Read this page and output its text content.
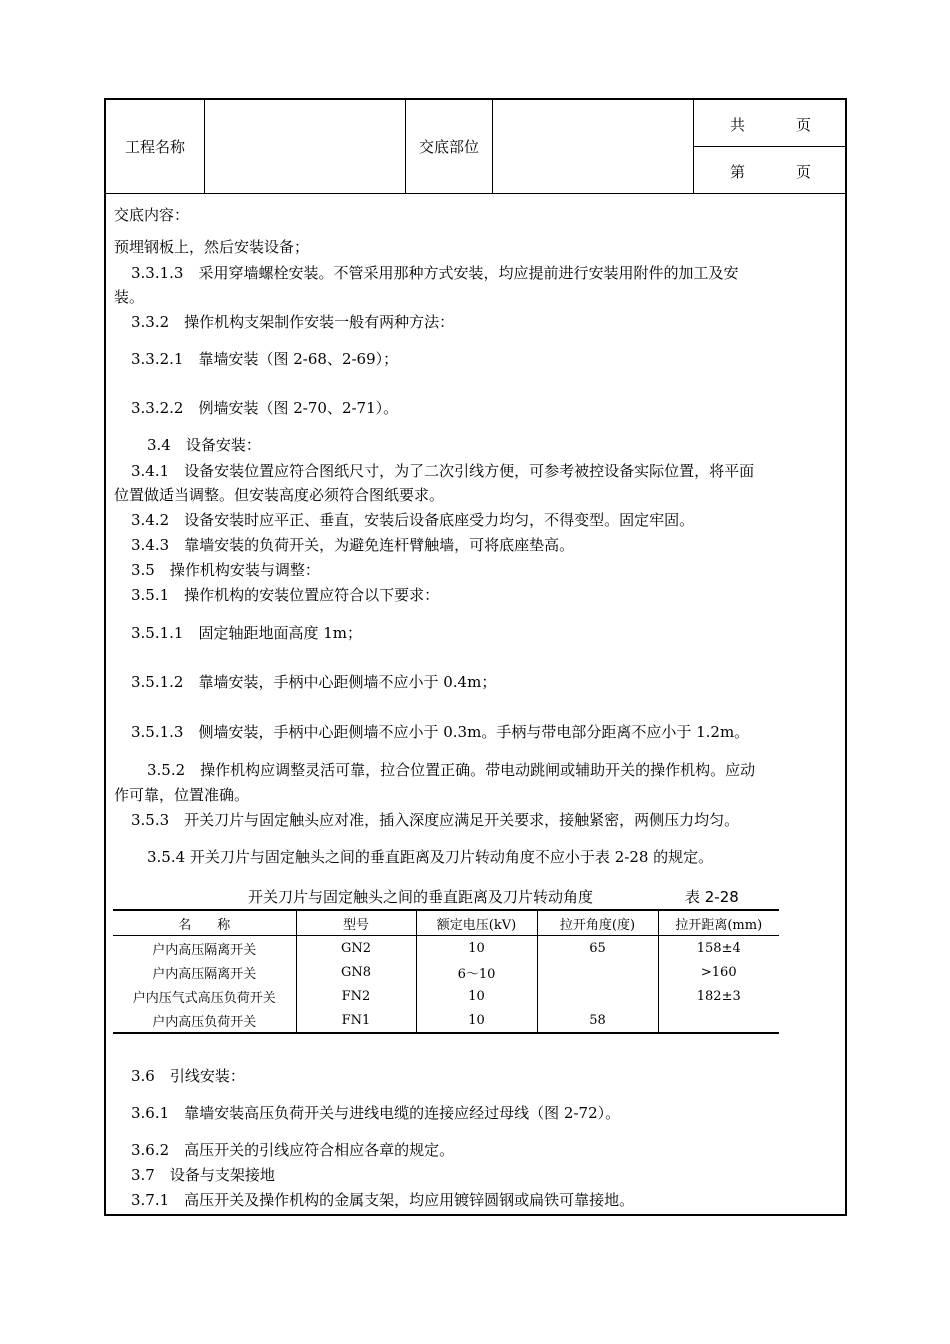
工程名称	交底部位
共	页
第	页
交底内容：
预埋钢板上，然后安装设备；
3.3.1.3　采用穿墙螺栓安装。不管采用那种方式安装，均应提前进行安装用附件的加工及安
装。
3.3.2　操作机构支架制作安装一般有两种方法：
3.3.2.1　靠墙安装（图 2-68、2-69）；
3.3.2.2　例墙安装（图 2-70、2-71）。
3.4　设备安装：
3.4.1　设备安装位置应符合图纸尺寸，为了二次引线方便，可参考被控设备实际位置，将平面
位置做适当调整。但安装高度必须符合图纸要求。
3.4.2　设备安装时应平正、垂直，安装后设备底座受力均匀，不得变型。固定牢固。
3.4.3　靠墙安装的负荷开关，为避免连杆臂触墙，可将底座垫高。
3.5　操作机构安装与调整：
3.5.1　操作机构的安装位置应符合以下要求：
3.5.1.1　固定轴距地面高度 1m；
3.5.1.2　靠墙安装，手柄中心距侧墙不应小于 0.4m；
3.5.1.3　侧墙安装，手柄中心距侧墙不应小于 0.3m。手柄与带电部分距离不应小于 1.2m。
3.5.2　操作机构应调整灵活可靠，拉合位置正确。带电动跳闸或辅助开关的操作机构。应动
作可靠，位置准确。
3.5.3　开关刀片与固定触头应对准，插入深度应满足开关要求，接触紧密，两侧压力均匀。
3.5.4 开关刀片与固定触头之间的垂直距离及刀片转动角度不应小于表 2-28 的规定。
开关刀片与固定触头之间的垂直距离及刀片转动角度	表 2-28
名　　称	型号	额定电压(kV)	拉开角度(度)	拉开距离(mm)
户内高压隔离开关	GN2	10	65	158±4
户内高压隔离开关	GN8	6～10		>160
户内压气式高压负荷开关	FN2	10		182±3
户内高压负荷开关	FN1	10	58	
3.6　引线安装：
3.6.1　靠墙安装高压负荷开关与进线电缆的连接应经过母线（图 2-72）。
3.6.2　高压开关的引线应符合相应各章的规定。
3.7　设备与支架接地
3.7.1　高压开关及操作机构的金属支架，均应用镀锌圆钢或扁铁可靠接地。
